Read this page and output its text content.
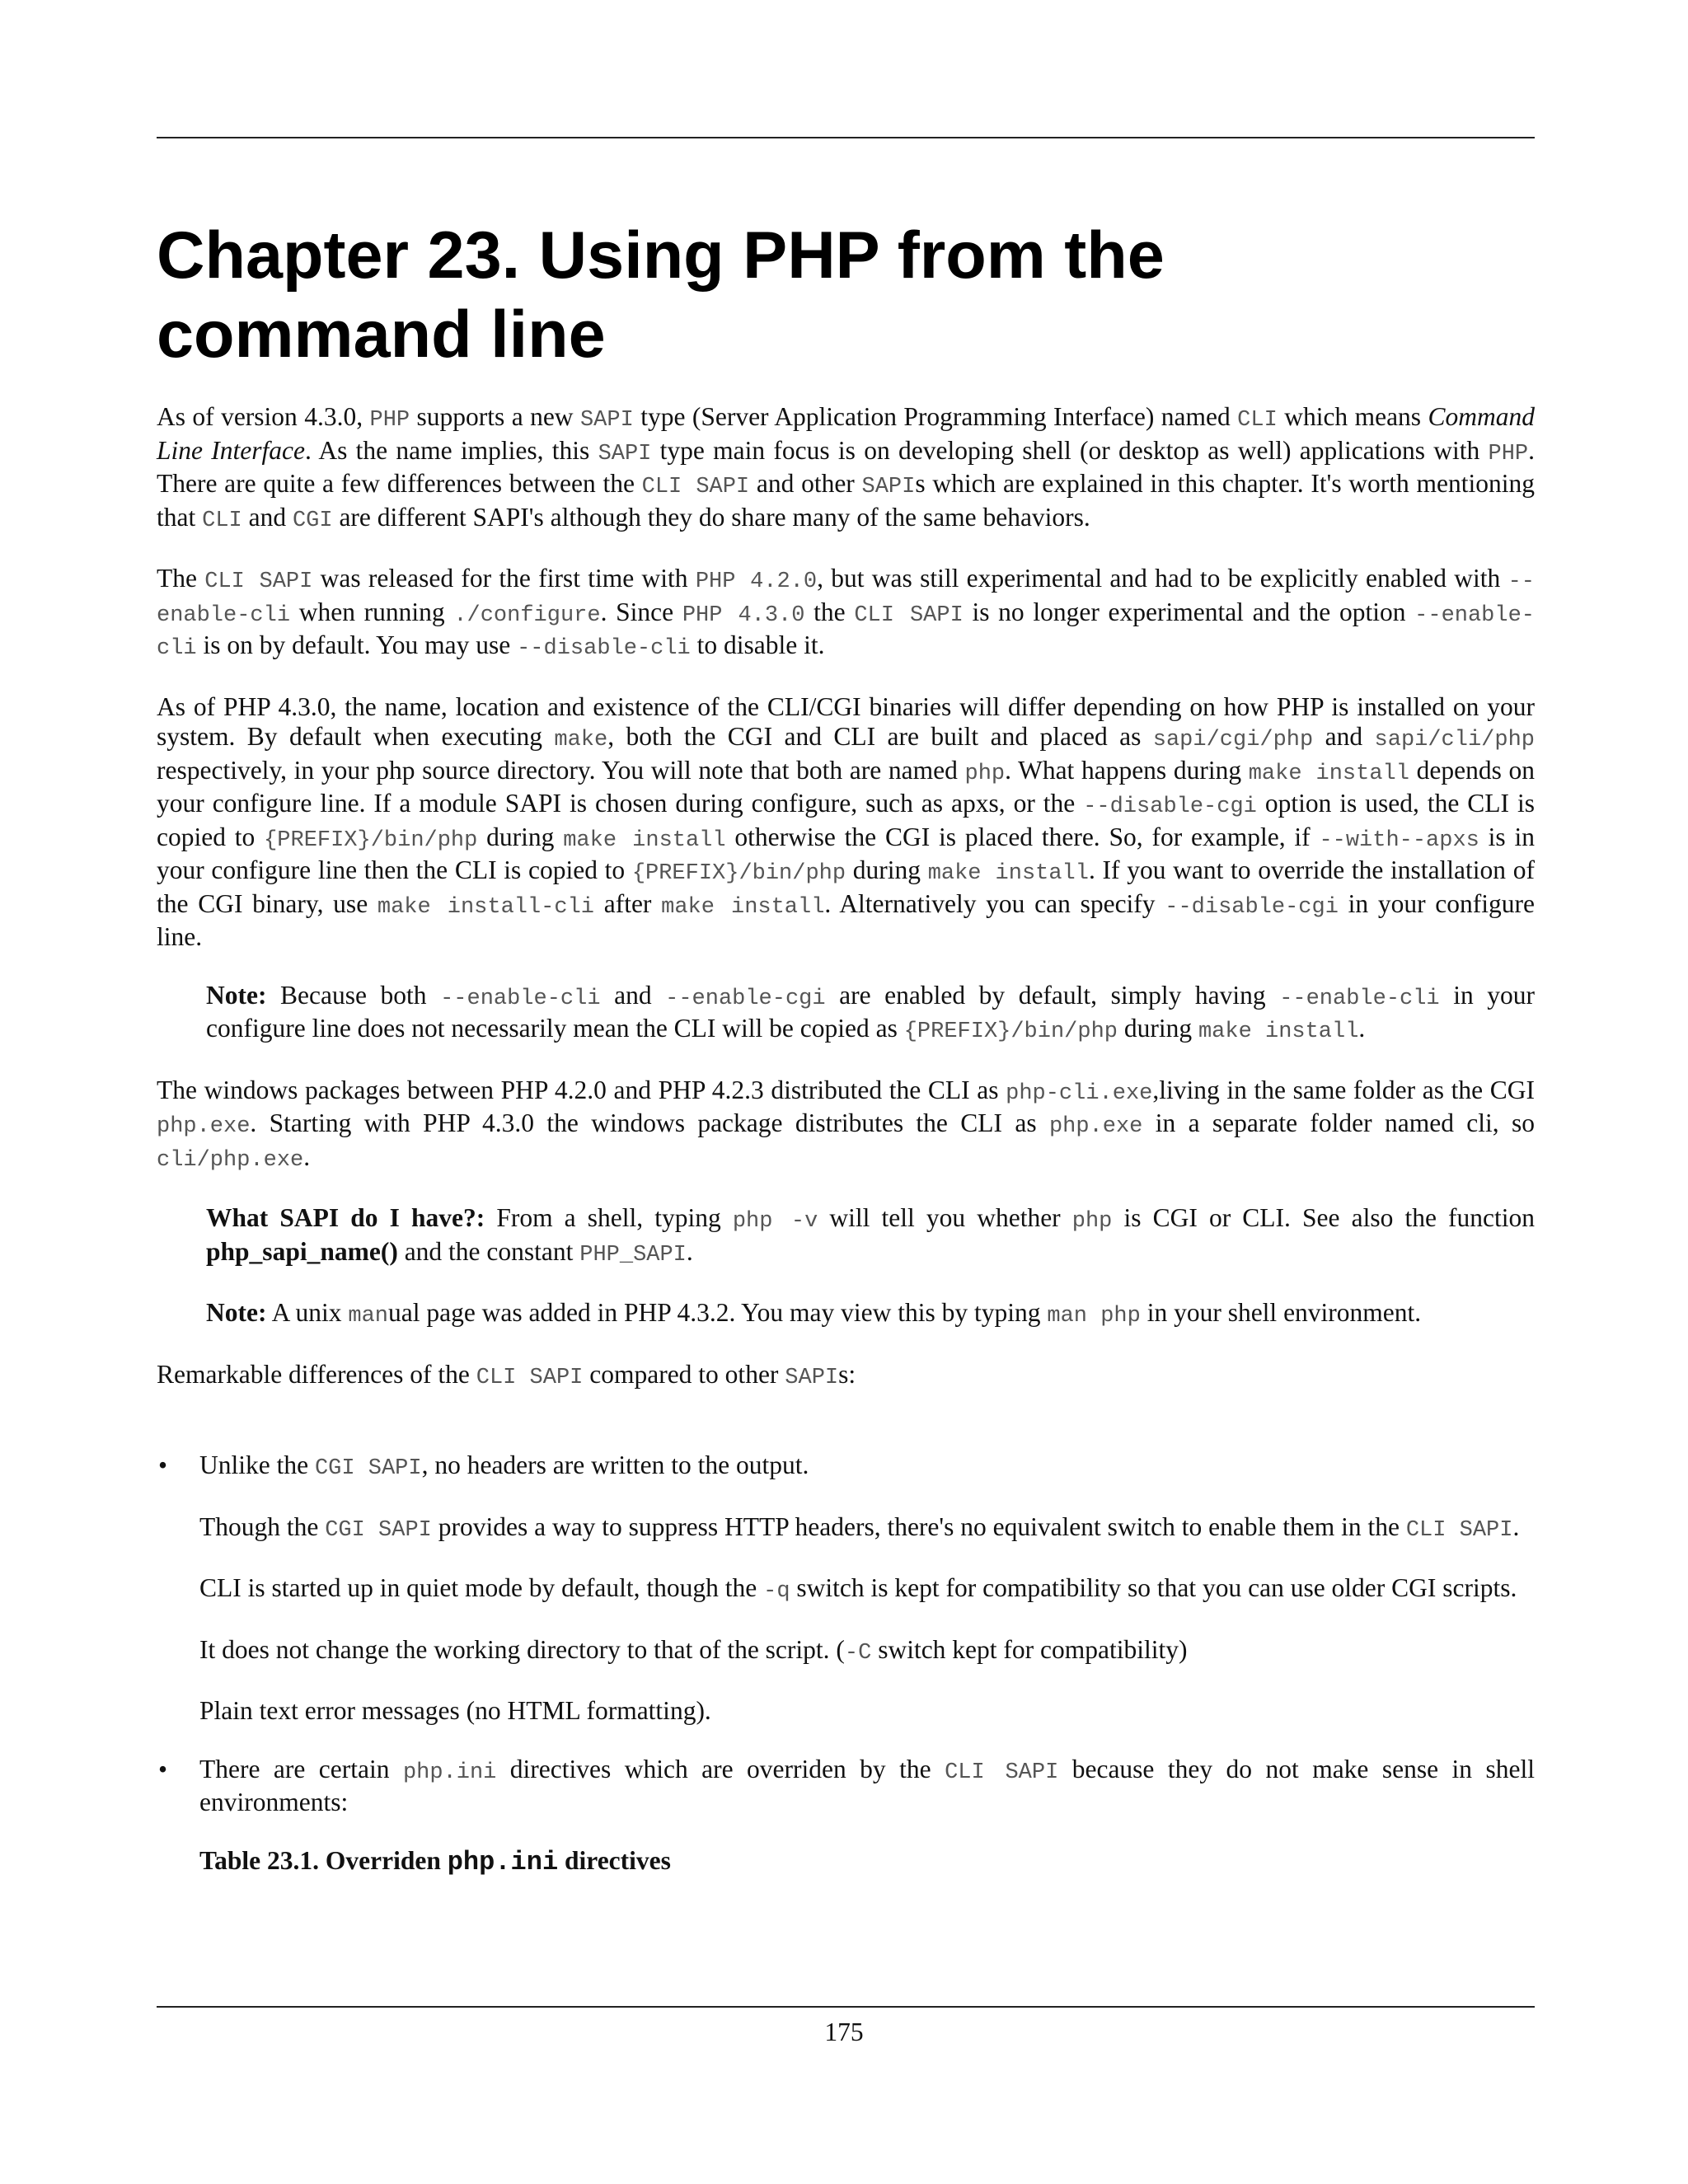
Chapter 23. Using PHP from the command line

As of version 4.3.0, PHP supports a new SAPI type (Server Application Programming Interface) named CLI which means Command Line Interface. As the name implies, this SAPI type main focus is on developing shell (or desktop as well) applications with PHP. There are quite a few differences between the CLI SAPI and other SAPIs which are explained in this chapter. It's worth mentioning that CLI and CGI are different SAPI's although they do share many of the same behaviors.

The CLI SAPI was released for the first time with PHP 4.2.0, but was still experimental and had to be explicitly enabled with --enable-cli when running ./configure. Since PHP 4.3.0 the CLI SAPI is no longer experimental and the option --enable-cli is on by default. You may use --disable-cli to disable it.

As of PHP 4.3.0, the name, location and existence of the CLI/CGI binaries will differ depending on how PHP is installed on your system. By default when executing make, both the CGI and CLI are built and placed as sapi/cgi/php and sapi/cli/php respectively, in your php source directory. You will note that both are named php. What happens during make install depends on your configure line. If a module SAPI is chosen during configure, such as apxs, or the --disable-cgi option is used, the CLI is copied to {PREFIX}/bin/php during make install otherwise the CGI is placed there. So, for example, if --with--apxs is in your configure line then the CLI is copied to {PREFIX}/bin/php during make install. If you want to override the installation of the CGI binary, use make install-cli after make install. Alternatively you can specify --disable-cgi in your configure line.

Note: Because both --enable-cli and --enable-cgi are enabled by default, simply having --enable-cli in your configure line does not necessarily mean the CLI will be copied as {PREFIX}/bin/php during make install.

The windows packages between PHP 4.2.0 and PHP 4.2.3 distributed the CLI as php-cli.exe,living in the same folder as the CGI php.exe. Starting with PHP 4.3.0 the windows package distributes the CLI as php.exe in a separate folder named cli, so cli/php.exe.

What SAPI do I have?: From a shell, typing php -v will tell you whether php is CGI or CLI. See also the function php_sapi_name() and the constant PHP_SAPI.

Note: A unix manual page was added in PHP 4.3.2. You may view this by typing man php in your shell environment.

Remarkable differences of the CLI SAPI compared to other SAPIs:

• Unlike the CGI SAPI, no headers are written to the output.

Though the CGI SAPI provides a way to suppress HTTP headers, there's no equivalent switch to enable them in the CLI SAPI.

CLI is started up in quiet mode by default, though the -q switch is kept for compatibility so that you can use older CGI scripts.

It does not change the working directory to that of the script. (-C switch kept for compatibility)

Plain text error messages (no HTML formatting).

• There are certain php.ini directives which are overriden by the CLI SAPI because they do not make sense in shell environments:

Table 23.1. Overriden php.ini directives

175
